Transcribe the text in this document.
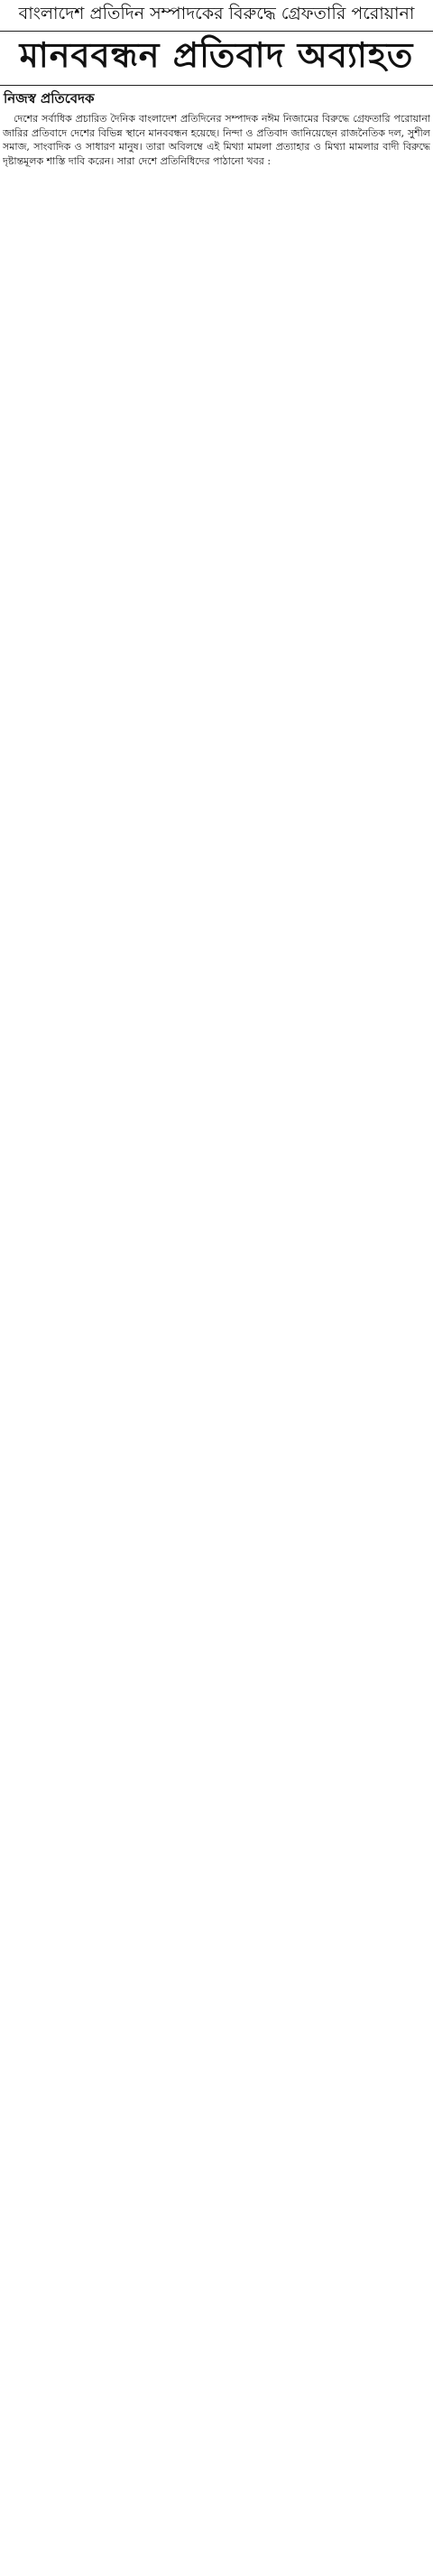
বাংলাদেশ প্রতিদিন সম্পাদকের বিরুদ্ধে গ্রেফতারি পরোয়ানা
মানববন্ধন প্রতিবাদ অব্যাহত
নিজস্ব প্রতিবেদক

দেশের সর্বাধিক প্রচারিত দৈনিক বাংলাদেশ প্রতিদিনের সম্পাদক নঈম নিজামের বিরুদ্ধে গ্রেফতারি পরোয়ানা জারির প্রতিবাদে দেশের বিভিন্ন স্থানে মানববন্ধন হয়েছে। নিন্দা ও প্রতিবাদ জানিয়েছেন রাজনৈতিক দল, সুশীল সমাজ, সাংবাদিক ও সাধারণ মানুষ। তারা অবিলম্বে এই মিথ্যা মামলা প্রত্যাহার ও মিথ্যা মামলার বাদী বিরুদ্ধে দৃষ্টান্তমূলক শাস্তি দাবি করেন। সারা দেশে প্রতিনিধিদের পাঠানো খবর :
